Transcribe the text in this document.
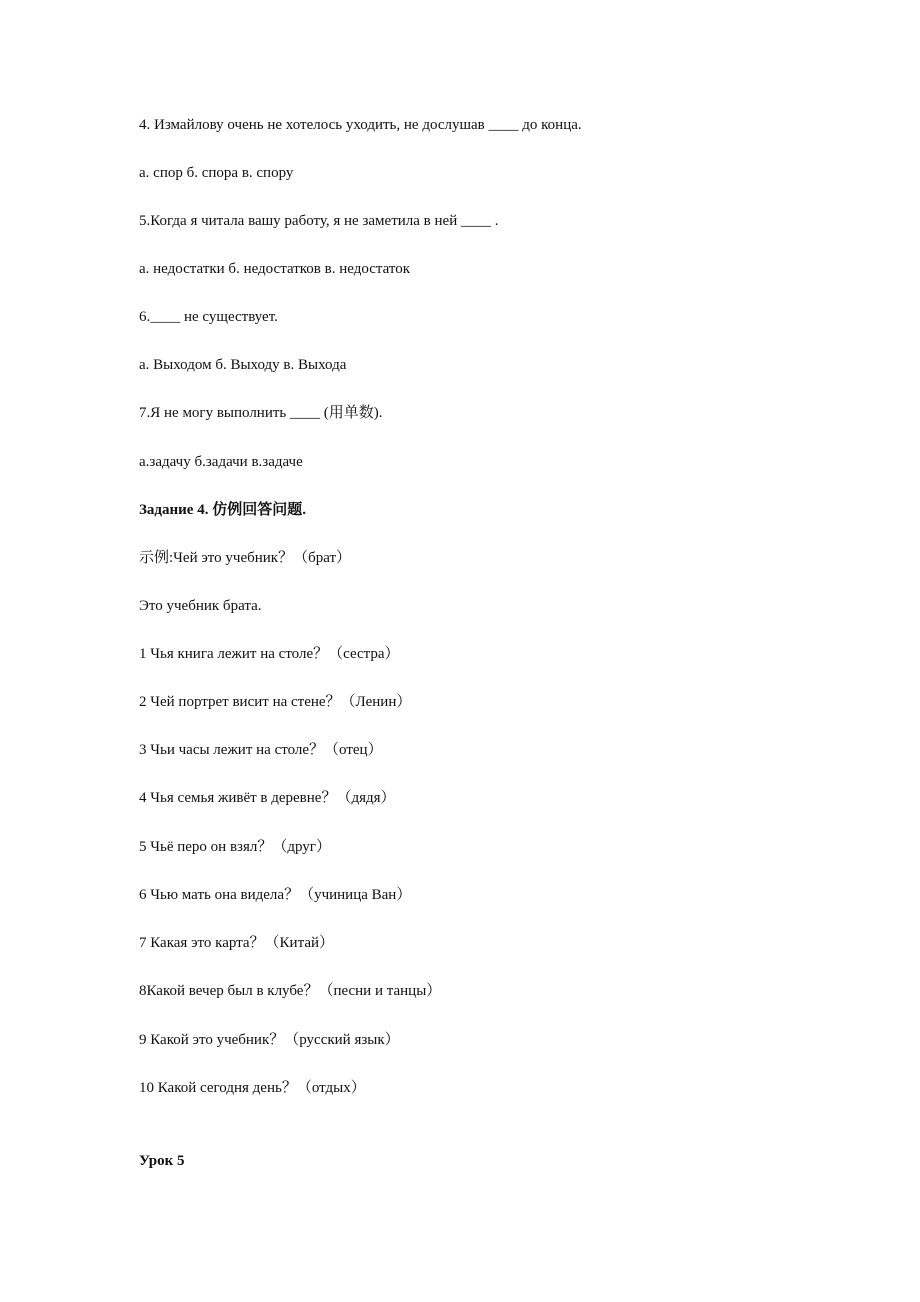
4. Измайлову очень не хотелось уходить, не дослушав ____ до конца.
а. спор б. спора в. спору
5.Когда я читала вашу работу, я не заметила в ней ____ .
а. недостатки б. недостатков в. недостаток
6.____ не существует.
а. Выходом б. Выходу в. Выхода
7.Я не могу выполнить ____ (用单数).
а.задачу б.задачи в.задаче
Задание 4. 仿例回答问题.
示例:Чей это учебник？（брат）
Это учебник брата.
1 Чья книга лежит на столе？（сестра）
2 Чей портрет висит на стене？（Ленин）
3 Чьи часы лежит на столе？（отец）
4 Чья семья живёт в деревне？（дядя）
5 Чьё перо он взял？（друг）
6 Чью мать она видела？（учиница Ван）
7 Какая это карта？（Китай）
8Какой вечер был в клубе？（песни и танцы）
9 Какой это учебник？（русский язык）
10 Какой сегодня день？（отдых）
Урок 5
